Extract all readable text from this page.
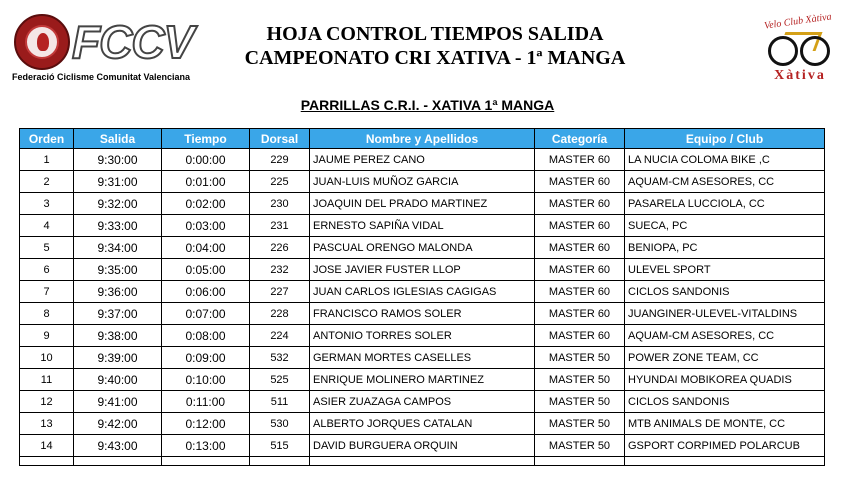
FCCV
Federació Ciclisme Comunitat Valenciana
HOJA CONTROL TIEMPOS SALIDA
CAMPEONATO CRI XATIVA - 1ª MANGA
Velo Club Xàtiva
Xàtiva
PARRILLAS C.R.I. - XATIVA 1ª MANGA
Orden	Salida	Tiempo	Dorsal	Nombre y Apellidos	Categoría	Equipo / Club
1	9:30:00	0:00:00	229	JAUME PEREZ CANO	MASTER 60	LA NUCIA COLOMA BIKE ,C
2	9:31:00	0:01:00	225	JUAN-LUIS MUÑOZ GARCIA	MASTER 60	AQUAM-CM ASESORES, CC
3	9:32:00	0:02:00	230	JOAQUIN DEL PRADO MARTINEZ	MASTER 60	PASARELA LUCCIOLA, CC
4	9:33:00	0:03:00	231	ERNESTO SAPIÑA VIDAL	MASTER 60	SUECA, PC
5	9:34:00	0:04:00	226	PASCUAL ORENGO MALONDA	MASTER 60	BENIOPA, PC
6	9:35:00	0:05:00	232	JOSE JAVIER FUSTER LLOP	MASTER 60	ULEVEL SPORT
7	9:36:00	0:06:00	227	JUAN CARLOS IGLESIAS CAGIGAS	MASTER 60	CICLOS SANDONIS
8	9:37:00	0:07:00	228	FRANCISCO RAMOS SOLER	MASTER 60	JUANGINER-ULEVEL-VITALDINS
9	9:38:00	0:08:00	224	ANTONIO TORRES SOLER	MASTER 60	AQUAM-CM ASESORES, CC
10	9:39:00	0:09:00	532	GERMAN MORTES CASELLES	MASTER 50	POWER ZONE TEAM, CC
11	9:40:00	0:10:00	525	ENRIQUE MOLINERO MARTINEZ	MASTER 50	HYUNDAI MOBIKOREA QUADIS
12	9:41:00	0:11:00	511	ASIER ZUAZAGA CAMPOS	MASTER 50	CICLOS SANDONIS
13	9:42:00	0:12:00	530	ALBERTO JORQUES CATALAN	MASTER 50	MTB ANIMALS DE MONTE, CC
14	9:43:00	0:13:00	515	DAVID BURGUERA ORQUIN	MASTER 50	GSPORT CORPIMED POLARCUB
